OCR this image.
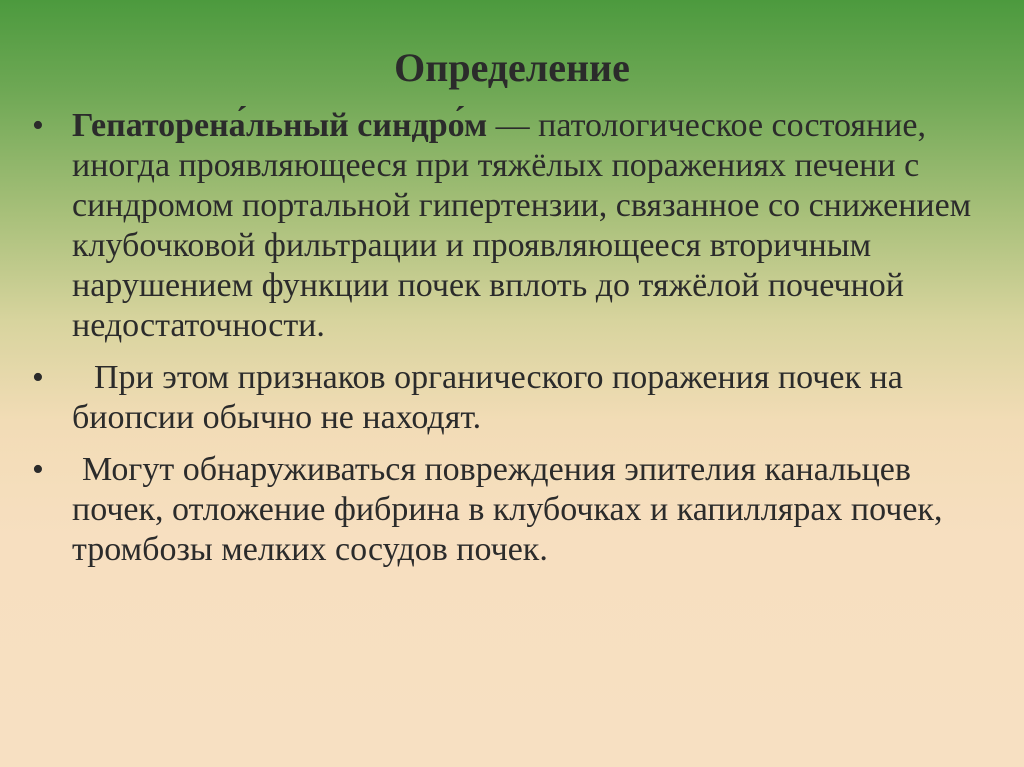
Определение
• Гепаторена́льный синдро́м — патологическое состояние, иногда проявляющееся при тяжёлых поражениях печени с синдромом портальной гипертензии, связанное со снижением клубочковой фильтрации и проявляющееся вторичным нарушением функции почек вплоть до тяжёлой почечной недостаточности.
•	При этом признаков органического поражения почек на биопсии обычно не находят.
•	Могут обнаруживаться повреждения эпителия канальцев почек, отложение фибрина в клубочках и капиллярах почек, тромбозы мелких сосудов почек.
